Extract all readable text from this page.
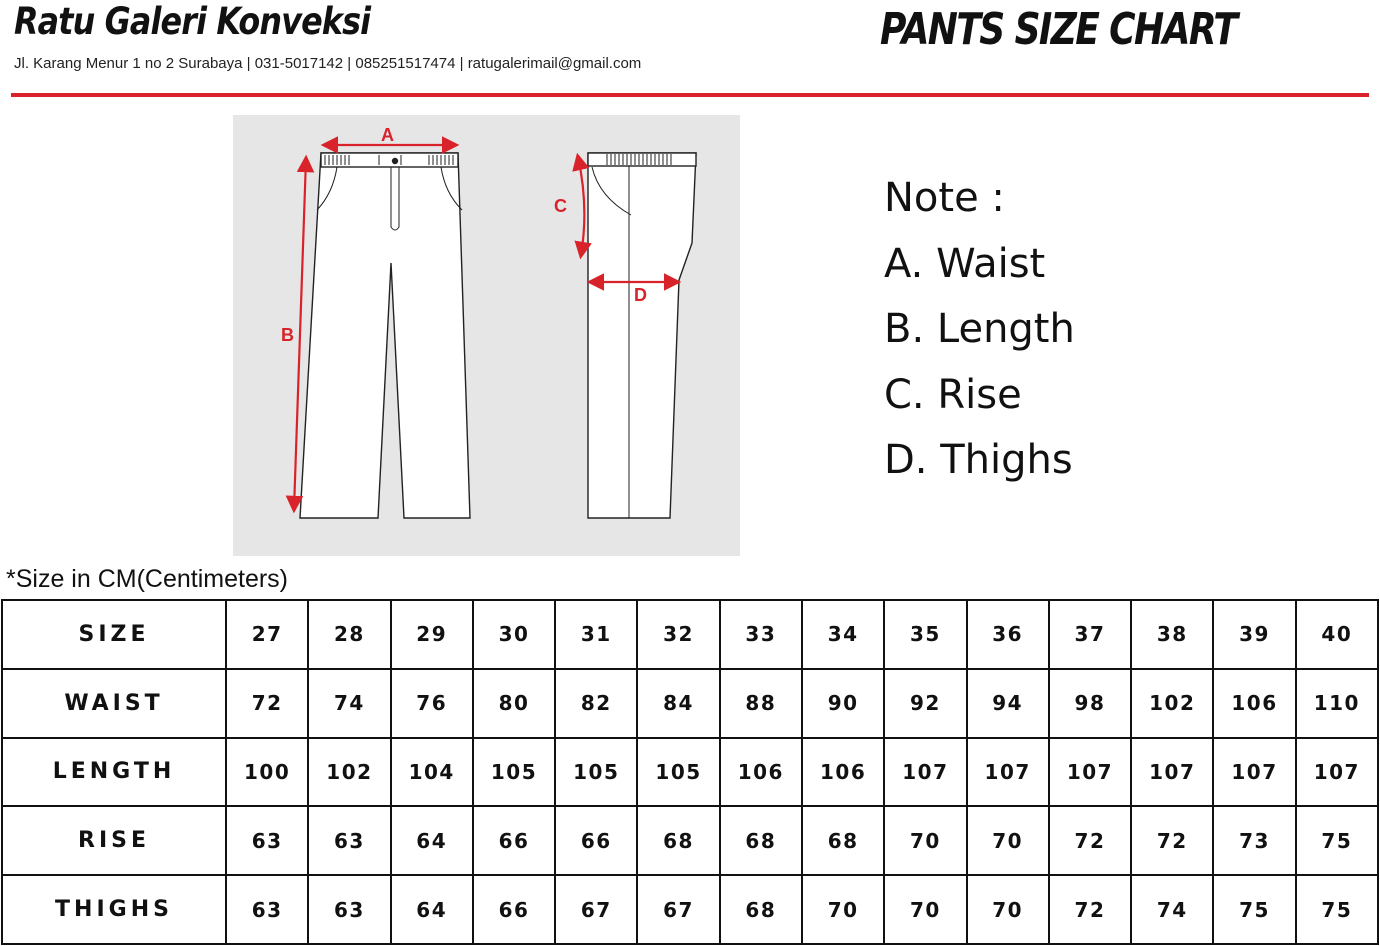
Ratu Galeri Konveksi
Jl. Karang Menur 1 no 2 Surabaya | 031-5017142 | 085251517474 | ratugalerimail@gmail.com
PANTS SIZE CHART
A
B
C
D
Note :
A. Waist
B. Length
C. Rise
D. Thighs
*Size in CM(Centimeters)
SIZE	27	28	29	30	31	32	33	34	35	36	37	38	39	40
WAIST	72	74	76	80	82	84	88	90	92	94	98	102	106	110
LENGTH	100	102	104	105	105	105	106	106	107	107	107	107	107	107
RISE	63	63	64	66	66	68	68	68	70	70	72	72	73	75
THIGHS	63	63	64	66	67	67	68	70	70	70	72	74	75	75
